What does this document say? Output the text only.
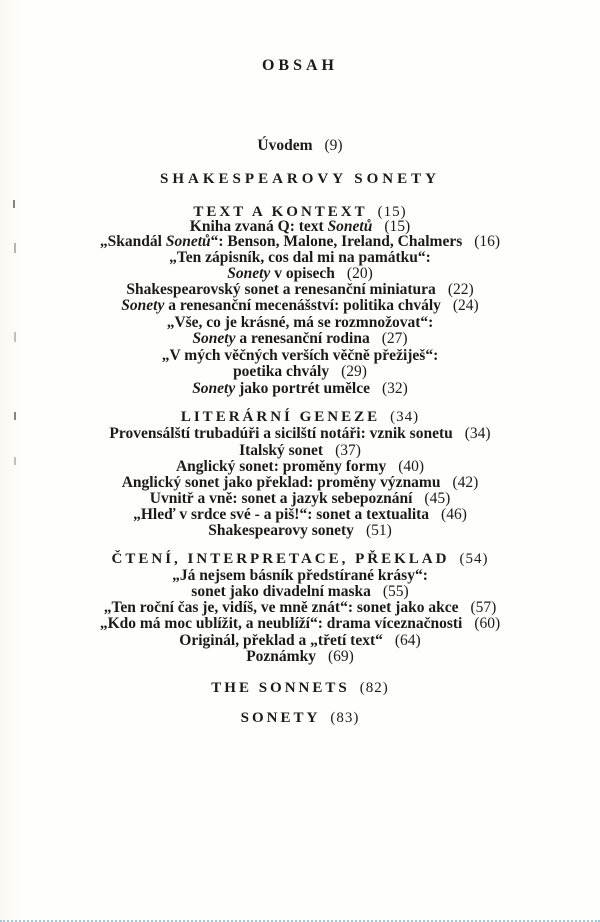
OBSAH
Úvodem (9)
SHAKESPEAROVY SONETY
TEXT A KONTEXT (15)
Kniha zvaná Q: text Sonetů (15)
„Skandál Sonetů“: Benson, Malone, Ireland, Chalmers (16)
„Ten zápisník, cos dal mi na památku“:
Sonety v opisech (20)
Shakespearovský sonet a renesanční miniatura (22)
Sonety a renesanční mecenášství: politika chvály (24)
„Vše, co je krásné, má se rozmnožovat“:
Sonety a renesanční rodina (27)
„V mých věčných verších věčně přežiješ“:
poetika chvály (29)
Sonety jako portrét umělce (32)
LITERÁRNÍ GENEZE (34)
Provensálští trubadúři a sicilští notáři: vznik sonetu (34)
Italský sonet (37)
Anglický sonet: proměny formy (40)
Anglický sonet jako překlad: proměny významu (42)
Uvnitř a vně: sonet a jazyk sebepoznání (45)
„Hleď v srdce své - a piš!“: sonet a textualita (46)
Shakespearovy sonety (51)
ČTENÍ, INTERPRETACE, PŘEKLAD (54)
„Já nejsem básník předstírané krásy“:
sonet jako divadelní maska (55)
„Ten roční čas je, vidíš, ve mně znát“: sonet jako akce (57)
„Kdo má moc ublížit, a neublíží“: drama víceznačnosti (60)
Originál, překlad a „třetí text“ (64)
Poznámky (69)
THE SONNETS (82)
SONETY (83)
